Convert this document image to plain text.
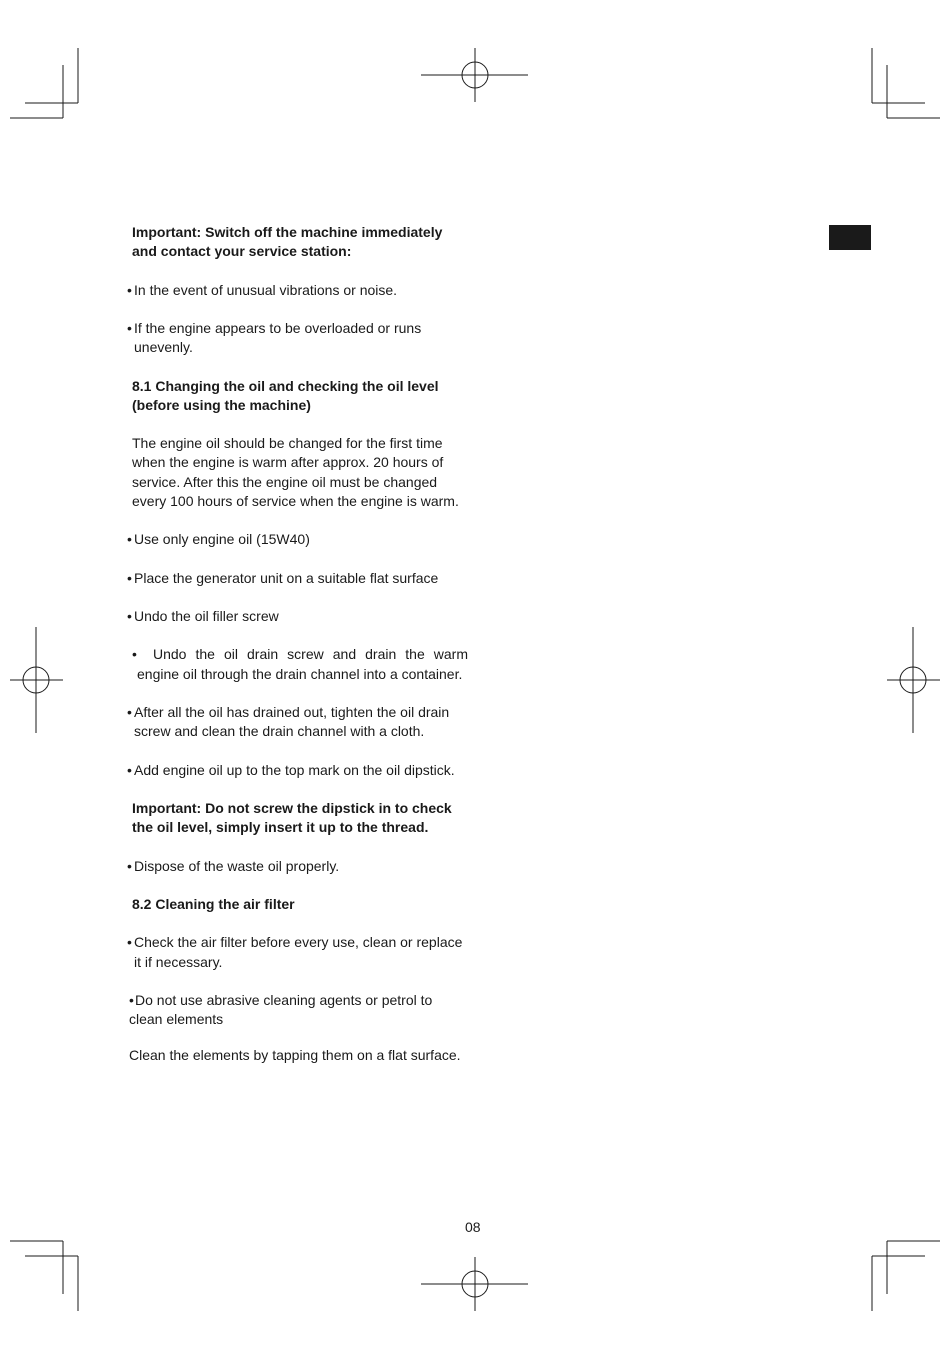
Important: Switch off the machine immediately and contact your service station:
• In the event of unusual vibrations or noise.
• If the engine appears to be overloaded or runs unevenly.
8.1 Changing the oil and checking the oil level (before using the machine)
The engine oil should be changed for the first time when the engine is warm after approx. 20 hours of service. After this the engine oil must be changed every 100 hours of service when the engine is warm.
• Use only engine oil (15W40)
• Place the generator unit on a suitable flat surface
• Undo the oil filler screw
• Undo the oil drain screw and drain the warm engine oil through the drain channel into a container.
• After all the oil has drained out, tighten the oil drain screw and clean the drain channel with a cloth.
• Add engine oil up to the top mark on the oil dipstick.
Important: Do not screw the dipstick in to check the oil level, simply insert it up to the thread.
• Dispose of the waste oil properly.
8.2 Cleaning the air filter
• Check the air filter before every use, clean or replace it if necessary.
• Do not use abrasive cleaning agents or petrol to clean elements
Clean the elements by tapping them on a flat surface.
08
